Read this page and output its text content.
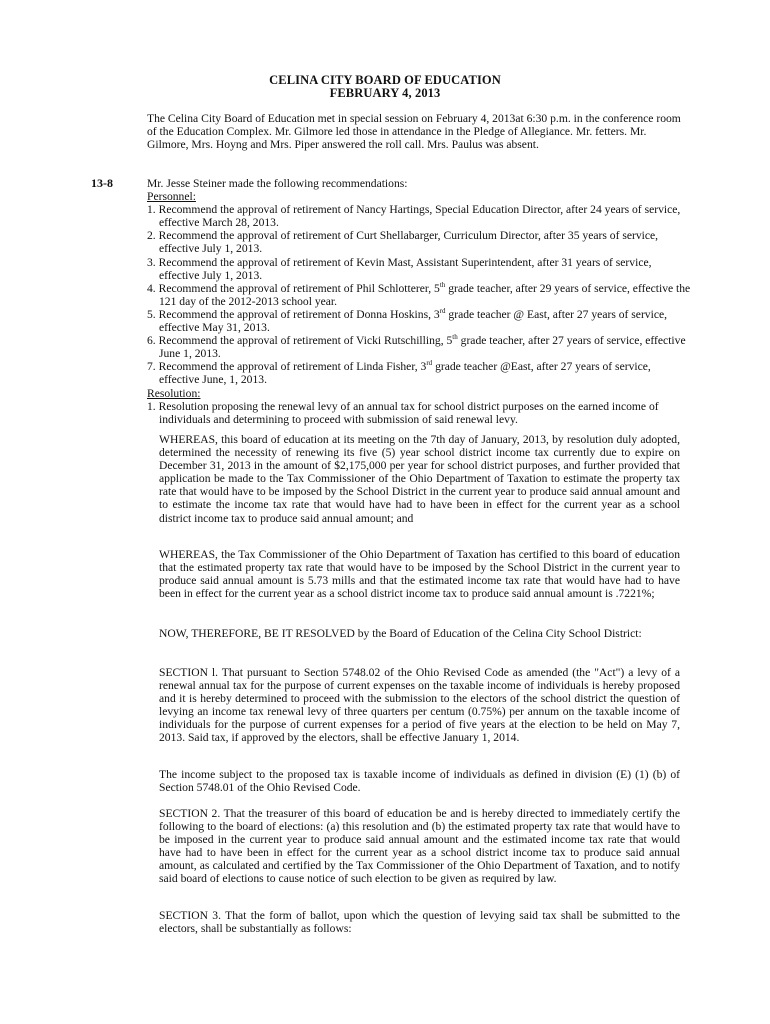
CELINA CITY BOARD OF EDUCATION
FEBRUARY 4, 2013
The Celina City Board of Education met in special session on February 4, 2013at 6:30 p.m. in the conference room of the Education Complex. Mr. Gilmore led those in attendance in the Pledge of Allegiance. Mr. fetters. Mr. Gilmore, Mrs. Hoyng and Mrs. Piper answered the roll call. Mrs. Paulus was absent.
13-8	Mr. Jesse Steiner made the following recommendations:
Personnel:
1. Recommend the approval of retirement of Nancy Hartings, Special Education Director, after 24 years of service, effective March 28, 2013.
2. Recommend the approval of retirement of Curt Shellabarger, Curriculum Director, after 35 years of service, effective July 1, 2013.
3. Recommend the approval of retirement of Kevin Mast, Assistant Superintendent, after 31 years of service, effective July 1, 2013.
4. Recommend the approval of retirement of Phil Schlotterer, 5th grade teacher, after 29 years of service, effective the 121 day of the 2012-2013 school year.
5. Recommend the approval of retirement of Donna Hoskins, 3rd grade teacher @ East, after 27 years of service, effective May 31, 2013.
6. Recommend the approval of retirement of Vicki Rutschilling, 5th grade teacher, after 27 years of service, effective June 1, 2013.
7. Recommend the approval of retirement of Linda Fisher, 3rd grade teacher @East, after 27 years of service, effective June, 1, 2013.
Resolution:
1. Resolution proposing the renewal levy of an annual tax for school district purposes on the earned income of individuals and determining to proceed with submission of said renewal levy.
WHEREAS, this board of education at its meeting on the 7th day of January, 2013, by resolution duly adopted, determined the necessity of renewing its five (5) year school district income tax currently due to expire on December 31, 2013 in the amount of $2,175,000 per year for school district purposes, and further provided that application be made to the Tax Commissioner of the Ohio Department of Taxation to estimate the property tax rate that would have to be imposed by the School District in the current year to produce said annual amount and to estimate the income tax rate that would have had to have been in effect for the current year as a school district income tax to produce said annual amount; and
WHEREAS, the Tax Commissioner of the Ohio Department of Taxation has certified to this board of education that the estimated property tax rate that would have to be imposed by the School District in the current year to produce said annual amount is 5.73 mills and that the estimated income tax rate that would have had to have been in effect for the current year as a school district income tax to produce said annual amount is .7221%;
NOW, THEREFORE, BE IT RESOLVED by the Board of Education of the Celina City School District:
SECTION l. That pursuant to Section 5748.02 of the Ohio Revised Code as amended (the "Act") a levy of a renewal annual tax for the purpose of current expenses on the taxable income of individuals is hereby proposed and it is hereby determined to proceed with the submission to the electors of the school district the question of levying an income tax renewal levy of three quarters per centum (0.75%) per annum on the taxable income of individuals for the purpose of current expenses for a period of five years at the election to be held on May 7, 2013. Said tax, if approved by the electors, shall be effective January 1, 2014.
The income subject to the proposed tax is taxable income of individuals as defined in division (E) (1) (b) of Section 5748.01 of the Ohio Revised Code.
SECTION 2. That the treasurer of this board of education be and is hereby directed to immediately certify the following to the board of elections: (a) this resolution and (b) the estimated property tax rate that would have to be imposed in the current year to produce said annual amount and the estimated income tax rate that would have had to have been in effect for the current year as a school district income tax to produce said annual amount, as calculated and certified by the Tax Commissioner of the Ohio Department of Taxation, and to notify said board of elections to cause notice of such election to be given as required by law.
SECTION 3. That the form of ballot, upon which the question of levying said tax shall be submitted to the electors, shall be substantially as follows:
